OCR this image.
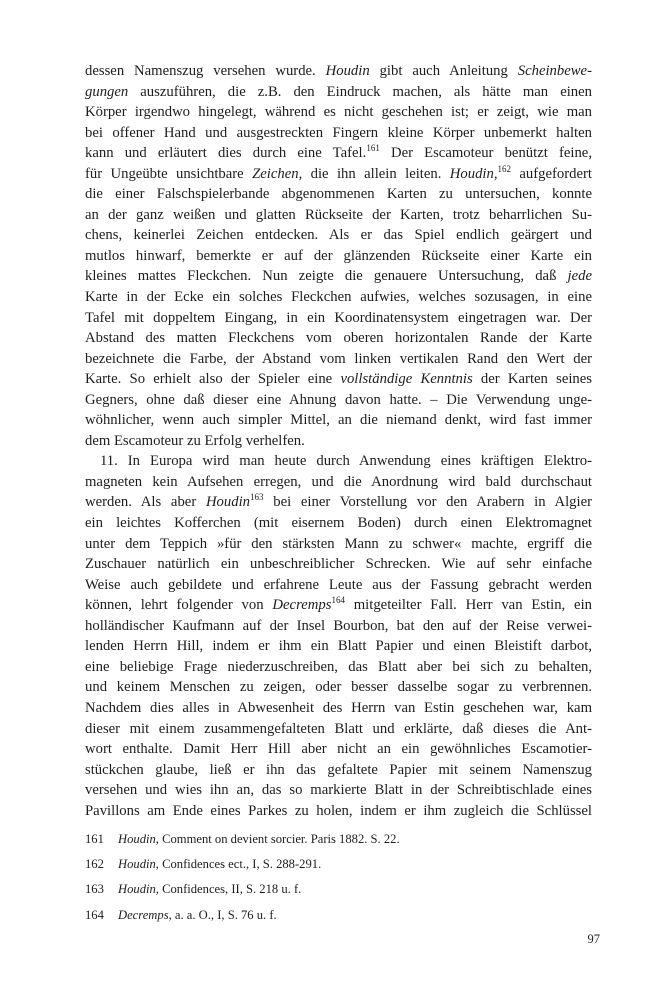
dessen Namenszug versehen wurde. Houdin gibt auch Anleitung Scheinbewe-
gungen auszuführen, die z.B. den Eindruck machen, als hätte man einen
Körper irgendwo hingelegt, während es nicht geschehen ist; er zeigt, wie man
bei offener Hand und ausgestreckten Fingern kleine Körper unbemerkt halten
kann und erläutert dies durch eine Tafel.$^{161}$ Der Escamoteur benützt feine,
für Ungeübte unsichtbare Zeichen, die ihn allein leiten. Houdin,$^{162}$ aufgefordert
die einer Falschspielerbande abgenommenen Karten zu untersuchen, konnte
an der ganz weißen und glatten Rückseite der Karten, trotz beharrlichen Su-
chens, keinerlei Zeichen entdecken. Als er das Spiel endlich geärgert und
mutlos hinwarf, bemerkte er auf der glänzenden Rückseite einer Karte ein
kleines mattes Fleckchen. Nun zeigte die genauere Untersuchung, daß jede
Karte in der Ecke ein solches Fleckchen aufwies, welches sozusagen, in eine
Tafel mit doppeltem Eingang, in ein Koordinatensystem eingetragen war. Der
Abstand des matten Fleckchens vom oberen horizontalen Rande der Karte
bezeichnete die Farbe, der Abstand vom linken vertikalen Rand den Wert der
Karte. So erhielt also der Spieler eine vollständige Kenntnis der Karten seines
Gegners, ohne daß dieser eine Ahnung davon hatte. – Die Verwendung unge-
wöhnlicher, wenn auch simpler Mittel, an die niemand denkt, wird fast immer
dem Escamoteur zu Erfolg verhelfen.
11. In Europa wird man heute durch Anwendung eines kräftigen Elektro-
magneten kein Aufsehen erregen, und die Anordnung wird bald durchschaut
werden. Als aber Houdin$^{163}$ bei einer Vorstellung vor den Arabern in Algier
ein leichtes Kofferchen (mit eisernem Boden) durch einen Elektromagnet
unter dem Teppich »für den stärksten Mann zu schwer« machte, ergriff die
Zuschauer natürlich ein unbeschreiblicher Schrecken. Wie auf sehr einfache
Weise auch gebildete und erfahrene Leute aus der Fassung gebracht werden
können, lehrt folgender von Decremps$^{164}$ mitgeteilter Fall. Herr van Estin, ein
holländischer Kaufmann auf der Insel Bourbon, bat den auf der Reise verwei-
lenden Herrn Hill, indem er ihm ein Blatt Papier und einen Bleistift darbot,
eine beliebige Frage niederzuschreiben, das Blatt aber bei sich zu behalten,
und keinem Menschen zu zeigen, oder besser dasselbe sogar zu verbrennen.
Nachdem dies alles in Abwesenheit des Herrn van Estin geschehen war, kam
dieser mit einem zusammengefalteten Blatt und erklärte, daß dieses die Ant-
wort enthalte. Damit Herr Hill aber nicht an ein gewöhnliches Escamotier-
stückchen glaube, ließ er ihn das gefaltete Papier mit seinem Namenszug
versehen und wies ihn an, das so markierte Blatt in der Schreibtischlade eines
Pavillons am Ende eines Parkes zu holen, indem er ihm zugleich die Schlüssel
161	Houdin, Comment on devient sorcier. Paris 1882. S. 22.
162	Houdin, Confidences ect., I, S. 288-291.
163	Houdin, Confidences, II, S. 218 u. f.
164	Decremps, a. a. O., I, S. 76 u. f.
97
